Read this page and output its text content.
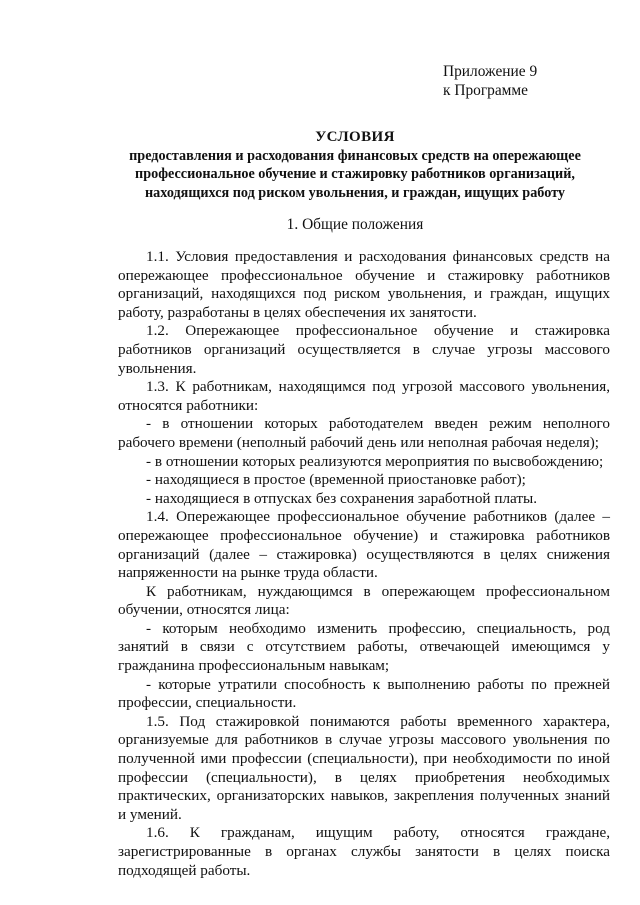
Приложение 9
к Программе
УСЛОВИЯ
предоставления и расходования финансовых средств на опережающее
профессиональное обучение и стажировку работников организаций,
находящихся под риском увольнения, и граждан, ищущих работу
1. Общие положения

1.1. Условия предоставления и расходования финансовых средств на опережающее профессиональное обучение и стажировку работников организаций, находящихся под риском увольнения, и граждан, ищущих работу, разработаны в целях обеспечения их занятости.

1.2. Опережающее профессиональное обучение и стажировка работников организаций осуществляется в случае угрозы массового увольнения.

1.3. К работникам, находящимся под угрозой массового увольнения, относятся работники:

- в отношении которых работодателем введен режим неполного рабочего времени (неполный рабочий день или неполная рабочая неделя);

- в отношении которых реализуются мероприятия по высвобождению;

- находящиеся в простое (временной приостановке работ);

- находящиеся в отпусках без сохранения заработной платы.

1.4. Опережающее профессиональное обучение работников (далее – опережающее профессиональное обучение) и стажировка работников организаций (далее – стажировка) осуществляются в целях снижения напряженности на рынке труда области.

К работникам, нуждающимся в опережающем профессиональном обучении, относятся лица:

- которым необходимо изменить профессию, специальность, род занятий в связи с отсутствием работы, отвечающей имеющимся у гражданина профессиональным навыкам;

- которые утратили способность к выполнению работы по прежней профессии, специальности.

1.5. Под стажировкой понимаются работы временного характера, организуемые для работников в случае угрозы массового увольнения по полученной ими профессии (специальности), при необходимости по иной профессии (специальности), в целях приобретения необходимых практических, организаторских навыков, закрепления полученных знаний и умений.

1.6. К гражданам, ищущим работу, относятся граждане, зарегистрированные в органах службы занятости в целях поиска подходящей работы.
